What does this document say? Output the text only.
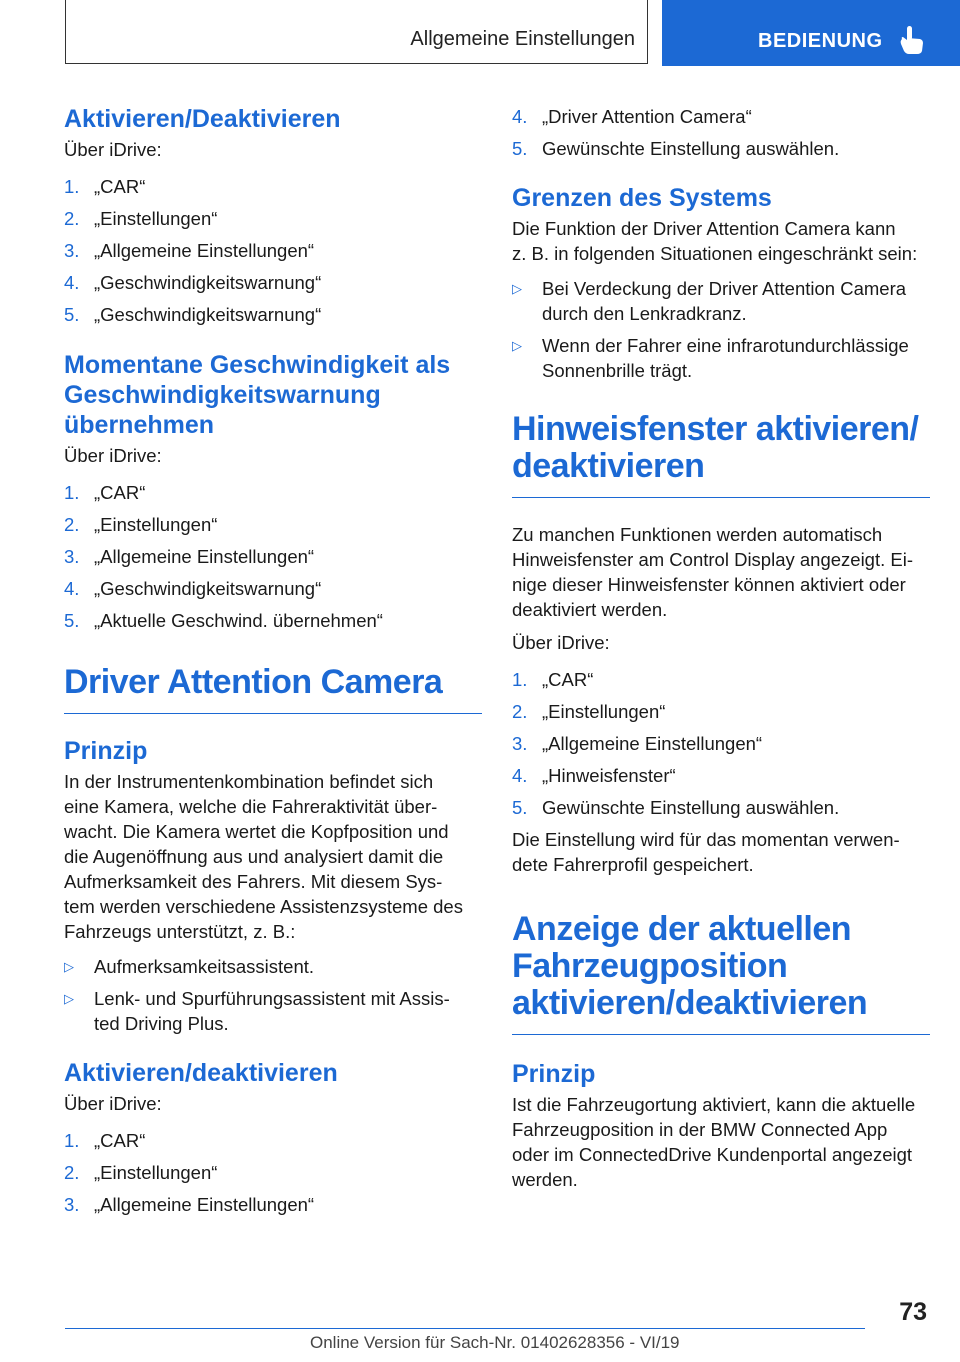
Allgemeine Einstellungen	BEDIENUNG
Aktivieren/Deaktivieren

Über iDrive:

1. „CAR“
2. „Einstellungen“
3. „Allgemeine Einstellungen“
4. „Geschwindigkeitswarnung“
5. „Geschwindigkeitswarnung“
Momentane Geschwindigkeit als
Geschwindigkeitswarnung
übernehmen

Über iDrive:

1. „CAR“
2. „Einstellungen“
3. „Allgemeine Einstellungen“
4. „Geschwindigkeitswarnung“
5. „Aktuelle Geschwind. übernehmen“
Driver Attention Camera
Prinzip

In der Instrumentenkombination befindet sich
eine Kamera, welche die Fahreraktivität über-
wacht. Die Kamera wertet die Kopfposition und
die Augenöffnung aus und analysiert damit die
Aufmerksamkeit des Fahrers. Mit diesem Sys-
tem werden verschiedene Assistenzsysteme des
Fahrzeugs unterstützt, z. B.:

▷	Aufmerksamkeitsassistent.
▷	Lenk- und Spurführungsassistent mit Assis-
ted Driving Plus.
Aktivieren/deaktivieren

Über iDrive:

1. „CAR“
2. „Einstellungen“
3. „Allgemeine Einstellungen“
4. „Driver Attention Camera“
5. Gewünschte Einstellung auswählen.
Grenzen des Systems

Die Funktion der Driver Attention Camera kann
z. B. in folgenden Situationen eingeschränkt sein:

▷	Bei Verdeckung der Driver Attention Camera
durch den Lenkradkranz.
▷	Wenn der Fahrer eine infrarotundurchlässige
Sonnenbrille trägt.
Hinweisfenster aktivieren/
deaktivieren

Zu manchen Funktionen werden automatisch
Hinweisfenster am Control Display angezeigt. Ei-
nige dieser Hinweisfenster können aktiviert oder
deaktiviert werden.

Über iDrive:

1. „CAR“
2. „Einstellungen“
3. „Allgemeine Einstellungen“
4. „Hinweisfenster“
5. Gewünschte Einstellung auswählen.

Die Einstellung wird für das momentan verwen-
dete Fahrerprofil gespeichert.

Anzeige der aktuellen
Fahrzeugposition
aktivieren/deaktivieren
Prinzip

Ist die Fahrzeugortung aktiviert, kann die aktuelle
Fahrzeugposition in der BMW Connected App
oder im ConnectedDrive Kundenportal angezeigt
werden.

73
Online Version für Sach-Nr. 01402628356 - VI/19
